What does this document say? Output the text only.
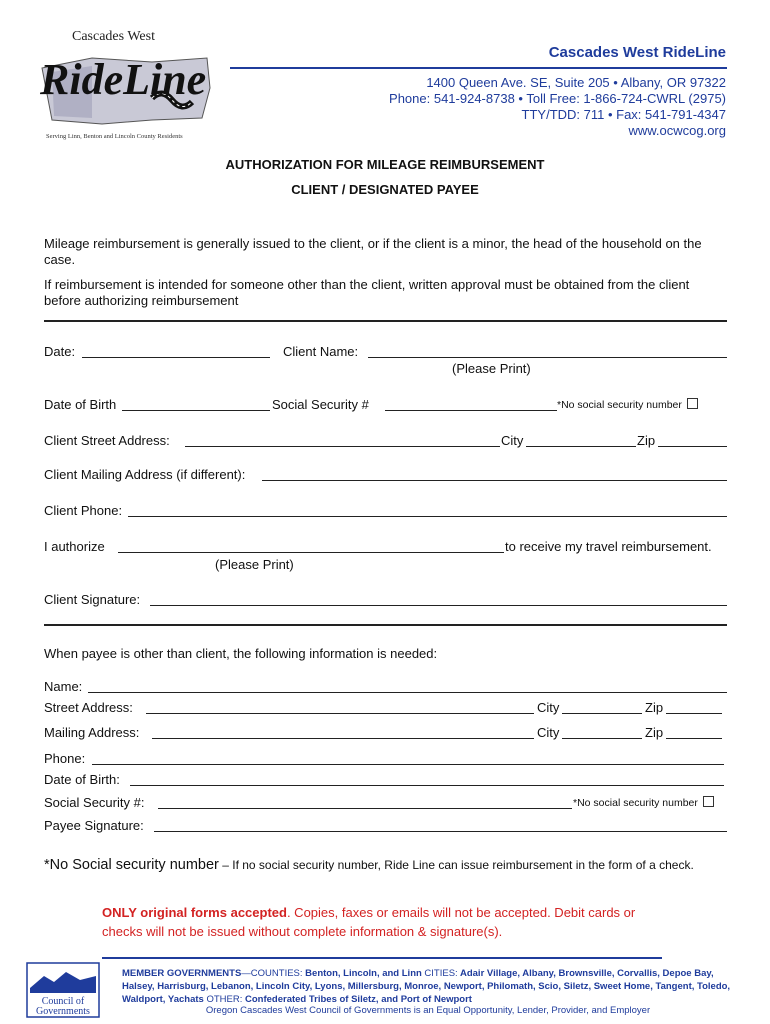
Cascades West
RideLine
Serving Linn, Benton and Lincoln County Residents
Cascades West RideLine
1400 Queen Ave. SE, Suite 205 • Albany, OR 97322
Phone: 541-924-8738 • Toll Free: 1-866-724-CWRL (2975)
TTY/TDD: 711 • Fax: 541-791-4347
www.ocwcog.org
AUTHORIZATION FOR MILEAGE REIMBURSEMENT
CLIENT / DESIGNATED PAYEE
Mileage reimbursement is generally issued to the client, or if the client is a minor, the head of the household on the case.
If reimbursement is intended for someone other than the client, written approval must be obtained from the client before authorizing reimbursement
Date:	Client Name:
(Please Print)
Date of Birth	Social Security #	*No social security number
Client Street Address:	City	Zip
Client Mailing Address (if different):
Client Phone:
I authorize	to receive my travel reimbursement.
(Please Print)
Client Signature:
When payee is other than client, the following information is needed:
Name:
Street Address:	City	Zip
Mailing Address:	City	Zip
Phone:
Date of Birth:
Social Security #:	*No social security number
Payee Signature:
*No Social security number – If no social security number, Ride Line can issue reimbursement in the form of a check.
ONLY original forms accepted. Copies, faxes or emails will not be accepted. Debit cards or checks will not be issued without complete information & signature(s).
Council of
Governments
MEMBER GOVERNMENTS—COUNTIES: Benton, Lincoln, and Linn CITIES: Adair Village, Albany, Brownsville, Corvallis, Depoe Bay, Halsey, Harrisburg, Lebanon, Lincoln City, Lyons, Millersburg, Monroe, Newport, Philomath, Scio, Siletz, Sweet Home, Tangent, Toledo, Waldport, Yachats OTHER: Confederated Tribes of Siletz, and Port of Newport
Oregon Cascades West Council of Governments is an Equal Opportunity, Lender, Provider, and Employer
